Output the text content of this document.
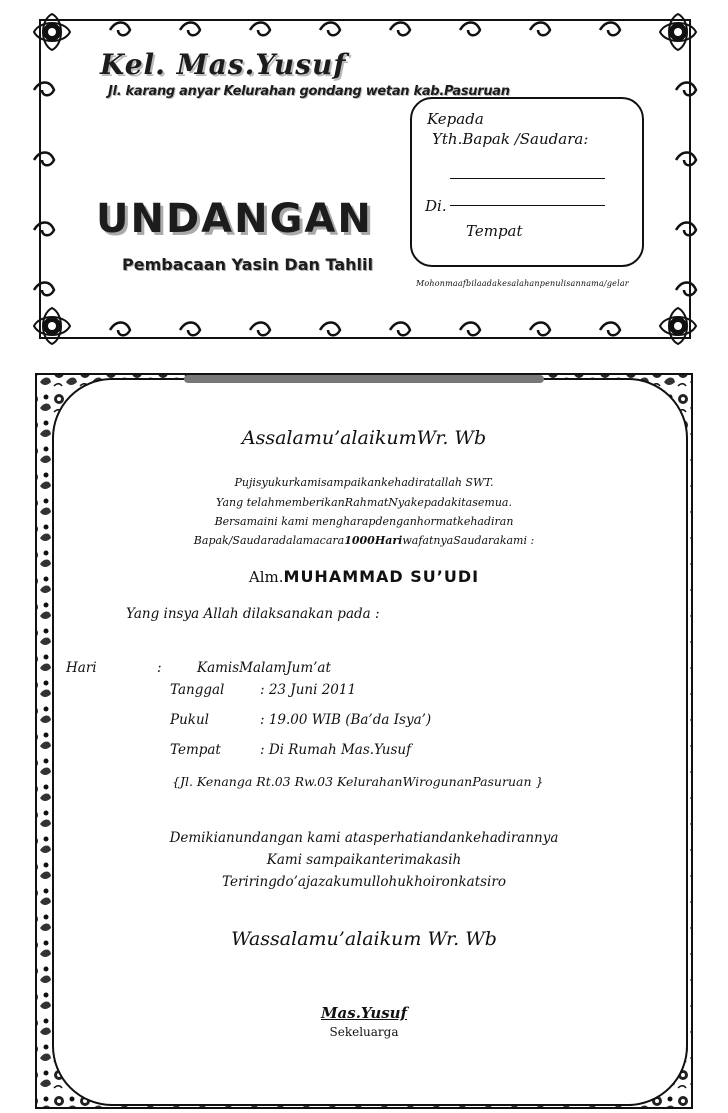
Kel. Mas.Yusuf
Jl. karang anyar Kelurahan gondang wetan kab.Pasuruan
UNDANGAN
Pembacaan Yasin Dan Tahlil
Kepada
Yth.Bapak /Saudara:
Di.
Tempat
Mohonmaafbilaadakesalahanpenulisannama/gelar
Assalamu’alaikumWr. Wb
Pujisyukurkamisampaikankehadiratallah SWT.
Yang telahmemberikanRahmatNyakepadakitasemua.
Bersamaini kami mengharapdenganhormatkehadiran
Bapak/Saudaradalamacara1000HariwafatnyaSaudarakami :
Alm.MUHAMMAD SU’UDI
Yang insya Allah dilaksanakan pada :
Hari	:	KamisMalamJum’at
Tanggal	: 23 Juni 2011
Pukul	: 19.00 WIB (Ba’da Isya’)
Tempat	: Di Rumah Mas.Yusuf
{Jl. Kenanga Rt.03 Rw.03 KelurahanWirogunanPasuruan }
Demikianundangan kami atasperhatiandankehadirannya
Kami sampaikanterimakasih
Teriringdo’ajazakumullohukhoironkatsiro
Wassalamu’alaikum Wr. Wb
Mas.Yusuf
Sekeluarga
